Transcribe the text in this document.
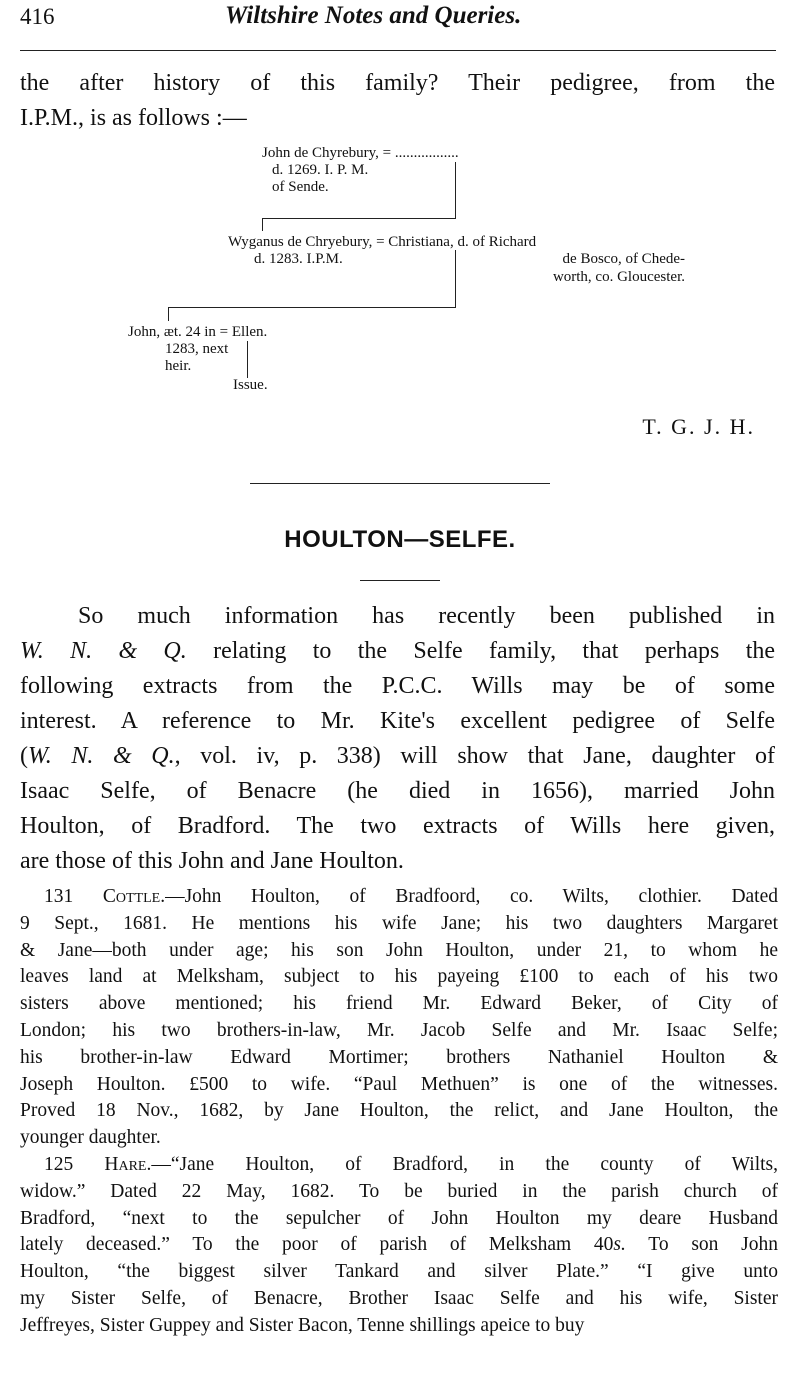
416	Wiltshire Notes and Queries.
the after history of this family? Their pedigree, from the
I.P.M., is as follows :—
John de Chyrebury, = .................
d. 1269. I. P. M.
of Sende.
Wyganus de Chryebury, = Christiana, d. of Richard
d. 1283. I.P.M.	de Bosco, of Chede-
worth, co. Gloucester.
John, æt. 24 in = Ellen.
1283, next
heir.
Issue.
T. G. J. H.
HOULTON—SELFE.
So much information has recently been published in
W. N. & Q. relating to the Selfe family, that perhaps the
following extracts from the P.C.C. Wills may be of some
interest. A reference to Mr. Kite's excellent pedigree of Selfe
(W. N. & Q., vol. iv, p. 338) will show that Jane, daughter of
Isaac Selfe, of Benacre (he died in 1656), married John
Houlton, of Bradford. The two extracts of Wills here given,
are those of this John and Jane Houlton.
131 Cottle.—John Houlton, of Bradfoord, co. Wilts, clothier. Dated
9 Sept., 1681. He mentions his wife Jane; his two daughters Margaret
& Jane—both under age; his son John Houlton, under 21, to whom he
leaves land at Melksham, subject to his payeing £100 to each of his two
sisters above mentioned; his friend Mr. Edward Beker, of City of
London; his two brothers-in-law, Mr. Jacob Selfe and Mr. Isaac Selfe;
his brother-in-law Edward Mortimer; brothers Nathaniel Houlton &
Joseph Houlton. £500 to wife. “Paul Methuen” is one of the witnesses.
Proved 18 Nov., 1682, by Jane Houlton, the relict, and Jane Houlton, the
younger daughter.
125 Hare.—“Jane Houlton, of Bradford, in the county of Wilts,
widow.” Dated 22 May, 1682. To be buried in the parish church of
Bradford, “next to the sepulcher of John Houlton my deare Husband
lately deceased.” To the poor of parish of Melksham 40s. To son John
Houlton, “the biggest silver Tankard and silver Plate.” “I give unto
my Sister Selfe, of Benacre, Brother Isaac Selfe and his wife, Sister
Jeffreyes, Sister Guppey and Sister Bacon, Tenne shillings apeice to buy
